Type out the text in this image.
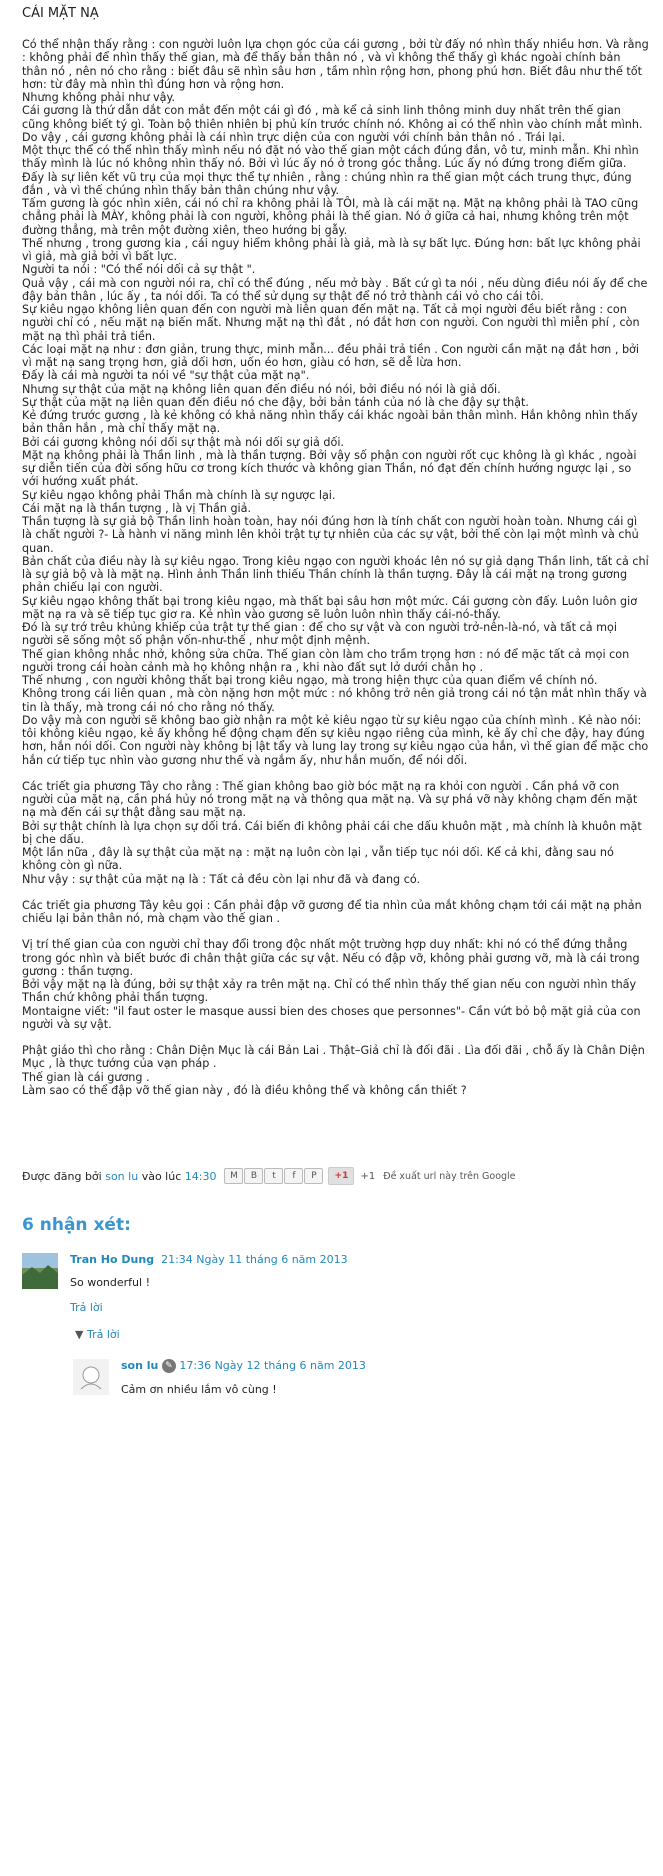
CÁI MẶT NẠ

Có thể nhận thấy rằng : con người luôn lựa chọn góc của cái gương , bởi từ đấy nó nhìn thấy nhiều hơn. Và rằng : không phải để nhìn thấy thế gian, mà để thấy bản thân nó , và vì không thể thấy gì khác ngoài chính bản thân nó , nên nó cho rằng : biết đâu sẽ nhìn sâu hơn , tầm nhìn rộng hơn, phong phú hơn. Biết đâu như thế tốt hơn: từ đây mà nhìn thì đúng hơn và rộng hơn.

Nhưng không phải như vậy.

Cái gương là thứ dẫn dắt con mắt đến một cái gì đó , mà kể cả sinh linh thông minh duy nhất trên thế gian cũng không biết tý gì. Toàn bộ thiên nhiên bị phủ kín trước chính nó. Không ai có thể nhìn vào chính mắt mình. Do vậy , cái gương không phải là cái nhìn trực diện của con người với chính bản thân nó . Trái lại.

Một thực thể có thể nhìn thấy mình nếu nó đặt nó vào thế gian một cách đúng đắn, vô tư, minh mẫn. Khi nhìn thấy mình là lúc nó không nhìn thấy nó. Bởi vì lúc ấy nó ở trong góc thẳng. Lúc ấy nó đứng trong điểm giữa. Đấy là sự liên kết vũ trụ của mọi thực thể tự nhiên , rằng : chúng nhìn ra thế gian một cách trung thực, đúng đắn , và vì thế chúng nhìn thấy bản thân chúng như vậy.

Tấm gương là góc nhìn xiên, cái nó chỉ ra không phải là TÔI, mà là cái mặt nạ. Mặt nạ không phải là TAO cũng chẳng phải là MÀY, không phải là con người, không phải là thế gian. Nó ở giữa cả hai, nhưng không trên một đường thẳng, mà trên một đường xiên, theo hướng bị gẫy.

Thế nhưng , trong gương kia , cái nguy hiểm không phải là giả, mà là sự bất lực. Đúng hơn: bất lực không phải vì giả, mà giả bởi vì bất lực.

Người ta nói : "Có thể nói dối cả sự thật ".

Quả vậy , cái mà con người nói ra, chỉ có thể đúng , nếu mở bày . Bất cứ gì ta nói , nếu dùng điều nói ấy để che đậy bản thân , lúc ấy , ta nói dối. Ta có thể sử dụng sự thật để nó trở thành cái vỏ cho cái tôi.

Sự kiêu ngạo không liên quan đến con người mà liên quan đến mặt nạ. Tất cả mọi người đều biết rằng : con người chỉ có , nếu mặt nạ biến mất. Nhưng mặt nạ thì đắt , nó đắt hơn con người. Con người thì miễn phí , còn mặt nạ thì phải trả tiền.

Các loại mặt nạ như : đơn giản, trung thực, minh mẫn... đều phải trả tiền . Con người cần mặt nạ đắt hơn , bởi vì mặt nạ sang trọng hơn, giả dối hơn, uốn éo hơn, giàu có hơn, sẽ dễ lừa hơn.

Đấy là cái mà người ta nói về "sự thật của mặt nạ".

Nhưng sự thật của mặt nạ không liên quan đến điều nó nói, bởi điều nó nói là giả dối.

Sự thật của mặt nạ liên quan đến điều nó che đậy, bởi bản tánh của nó là che đậy sự thật.

Kẻ đứng trước gương , là kẻ không có khả năng nhìn thấy cái khác ngoài bản thân mình. Hắn không nhìn thấy bản thân hắn , mà chỉ thấy mặt nạ.

Bởi cái gương không nói dối sự thật mà nói dối sự giả dối.

Mặt nạ không phải là Thần linh , mà là thần tượng. Bởi vậy số phận con người rốt cục không là gì khác , ngoài sự diễn tiến của đời sống hữu cơ trong kích thước và không gian Thần, nó đạt đến chính hướng ngược lại , so với hướng xuất phát.

Sự kiêu ngạo không phải Thần mà chính là sự ngược lại.

Cái mặt nạ là thần tượng , là vị Thần giả.

Thần tượng là sự giả bộ Thần linh hoàn toàn, hay nói đúng hơn là tính chất con người hoàn toàn. Nhưng cái gì là chất người ?- Là hành vi năng mình lên khỏi trật tự tự nhiên của các sự vật, bởi thế còn lại một mình và chủ quan.

Bản chất của điều này là sự kiêu ngạo. Trong kiêu ngạo con người khoác lên nó sự giả dạng Thần linh, tất cả chỉ là sự giả bộ và là mặt nạ. Hình ảnh Thần linh thiếu Thần chính là thần tượng. Đây là cái mặt nạ trong gương phản chiếu lại con người.

Sự kiêu ngạo không thất bại trong kiêu ngạo, mà thất bại sâu hơn một mức. Cái gương còn đấy. Luôn luôn giơ mặt nạ ra và sẽ tiếp tục giơ ra. Kẻ nhìn vào gương sẽ luôn luôn nhìn thấy cái-nó-thấy.

Đó là sự trớ trêu khủng khiếp của trật tự thế gian : để cho sự vật và con người trở-nên-là-nó, và tất cả mọi người sẽ sống một số phận vốn-như-thế , như một định mệnh.

Thế gian không nhắc nhở, không sửa chữa. Thế gian còn làm cho trầm trọng hơn : nó để mặc tất cả mọi con người trong cái hoàn cảnh mà họ không nhận ra , khi nào đất sụt lở dưới chân họ .

Thế nhưng , con người không thất bại trong kiêu ngạo, mà trong hiện thực của quan điểm về chính nó.

Không trong cái liên quan , mà còn nặng hơn một mức : nó không trở nên giả trong cái nó tận mắt nhìn thấy và tin là thấy, mà trong cái nó cho rằng nó thấy.

Do vậy mà con người sẽ không bao giờ nhận ra một kẻ kiêu ngạo từ sự kiêu ngạo của chính mình . Kẻ nào nói: tôi không kiêu ngạo, kẻ ấy không hề động chạm đến sự kiêu ngạo riêng của mình, kẻ ấy chỉ che đậy, hay đúng hơn, hắn nói dối. Con người này không bị lật tẩy và lung lay trong sự kiêu ngạo của hắn, vì thế gian để mặc cho hắn cứ tiếp tục nhìn vào gương như thế và ngắm ấy, như hắn muốn, để nói dối.

Các triết gia phương Tây cho rằng : Thế gian không bao giờ bóc mặt nạ ra khỏi con người . Cần phá vỡ con người của mặt nạ, cần phá hủy nó trong mặt nạ và thông qua mặt nạ. Và sự phá vỡ này không chạm đến mặt nạ mà đến cái sự thật đằng sau mặt nạ.

Bởi sự thật chính là lựa chọn sự dối trá. Cái biến đi không phải cái che dấu khuôn mặt , mà chính là khuôn mặt bị che dấu.

Một lần nữa , đây là sự thật của mặt nạ : mặt nạ luôn còn lại , vẫn tiếp tục nói dối. Kể cả khi, đằng sau nó không còn gì nữa.

Như vậy : sự thật của mặt nạ là : Tất cả đều còn lại như đã và đang có.

Các triết gia phương Tây kêu gọi : Cần phải đập vỡ gương để tia nhìn của mắt không chạm tới cái mặt nạ phản chiếu lại bản thân nó, mà chạm vào thế gian .

Vị trí thế gian của con người chỉ thay đổi trong độc nhất một trường hợp duy nhất: khi nó có thể đứng thẳng trong góc nhìn và biết bước đi chân thật giữa các sự vật. Nếu có đập vỡ, không phải gương vỡ, mà là cái trong gương : thần tượng.

Bởi vậy mặt nạ là đúng, bởi sự thật xảy ra trên mặt nạ. Chỉ có thể nhìn thấy thế gian nếu con người nhìn thấy Thần chứ không phải thần tượng.

Montaigne viết: "il faut oster le masque aussi bien des choses que personnes"- Cần vứt bỏ bộ mặt giả của con người và sự vật.

Phật giáo thì cho rằng : Chân Diện Mục là cái Bản Lai . Thật–Giả chỉ là đối đãi . Lìa đối đãi , chỗ ấy là Chân Diện Mục , là thực tướng của vạn pháp .

Thế gian là cái gương .

Làm sao có thể đập vỡ thế gian này , đó là điều không thể và không cần thiết ?

Được đăng bởi
son lu
vào lúc
14:30	M	B	t	f	P	+1	+1 Đề xuất url này trên Google
6 nhận xét:
Tran Ho Dung 21:34 Ngày 11 tháng 6 năm 2013
So wonderful !
Trả lời
▼ Trả lời
son lu ✎ 17:36 Ngày 12 tháng 6 năm 2013
Cảm ơn nhiều lắm vô cùng !
